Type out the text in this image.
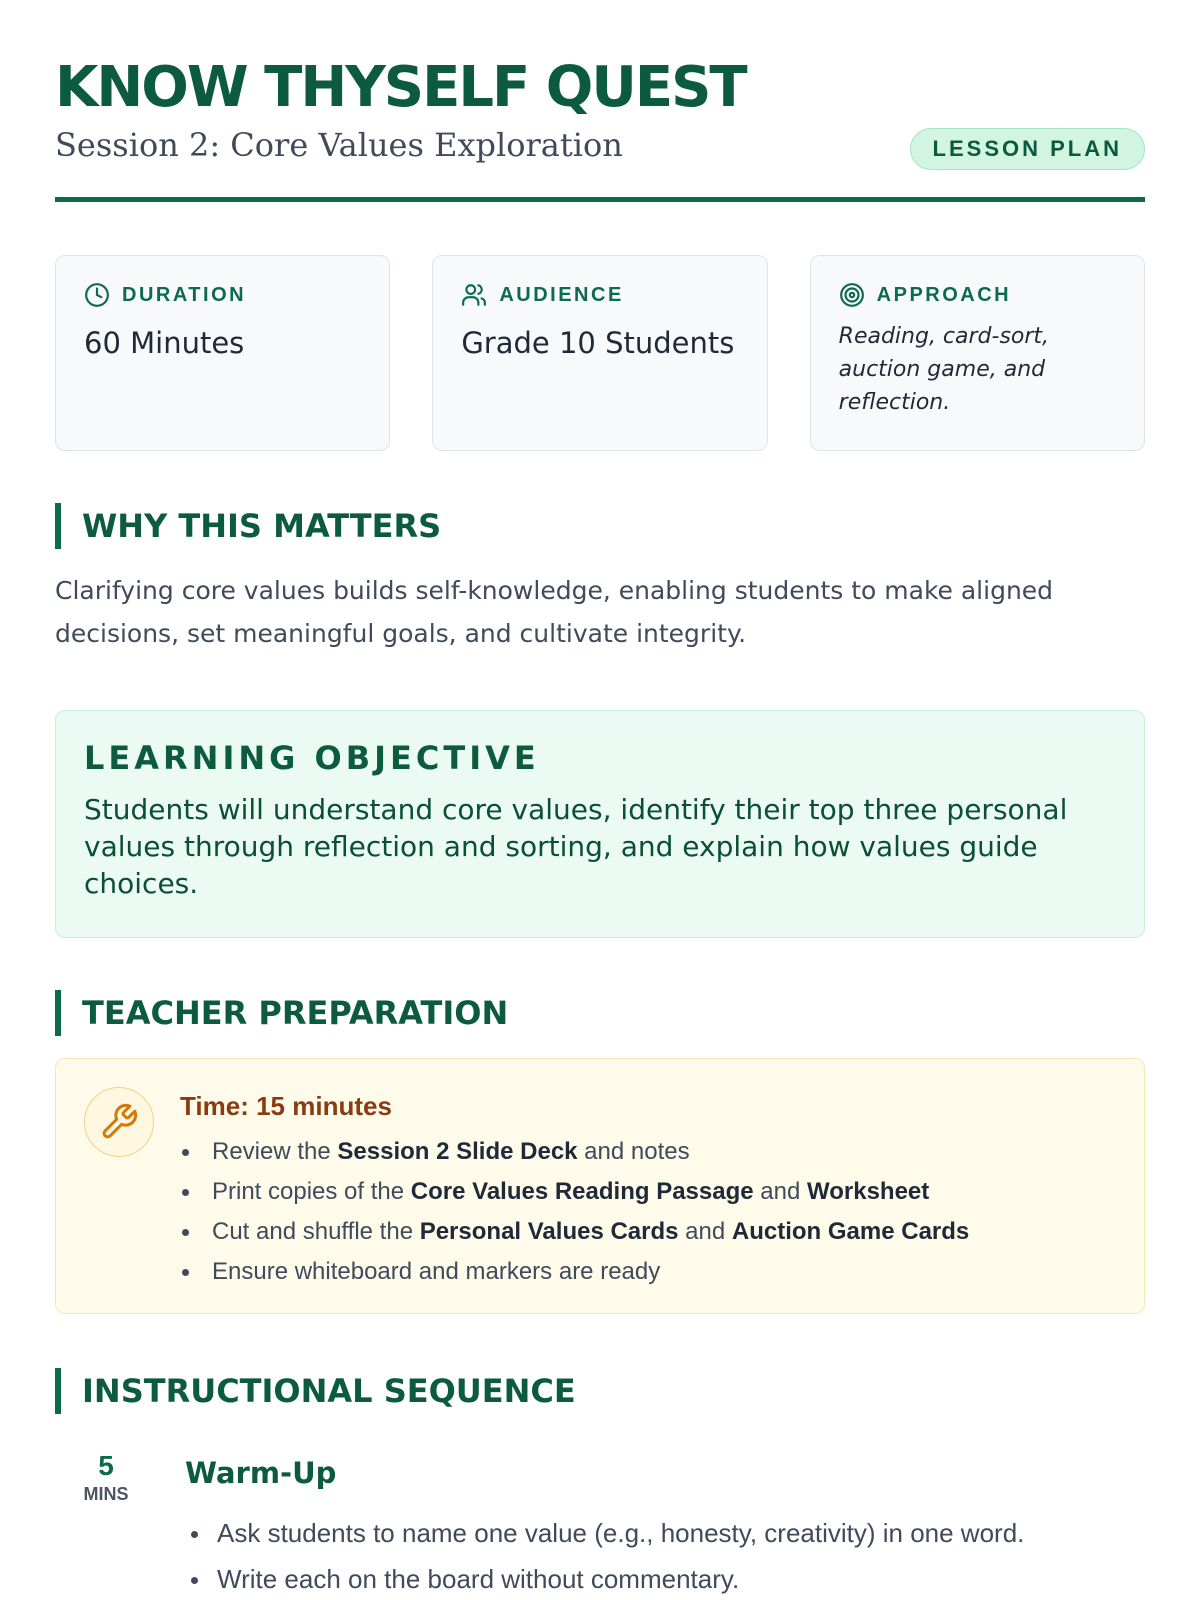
KNOW THYSELF QUEST
Session 2: Core Values Exploration	LESSON PLAN
DURATION
60 Minutes
AUDIENCE
Grade 10 Students
APPROACH
Reading, card-sort, auction game, and reflection.
WHY THIS MATTERS

Clarifying core values builds self-knowledge, enabling students to make aligned decisions, set meaningful goals, and cultivate integrity.

LEARNING OBJECTIVE

Students will understand core values, identify their top three personal values through reflection and sorting, and explain how values guide choices.

TEACHER PREPARATION
Time: 15 minutes
Review the Session 2 Slide Deck and notes
Print copies of the Core Values Reading Passage and Worksheet
Cut and shuffle the Personal Values Cards and Auction Game Cards
Ensure whiteboard and markers are ready
INSTRUCTIONAL SEQUENCE
5
MINS
Warm-Up
Ask students to name one value (e.g., honesty, creativity) in one word.
Write each on the board without commentary.
